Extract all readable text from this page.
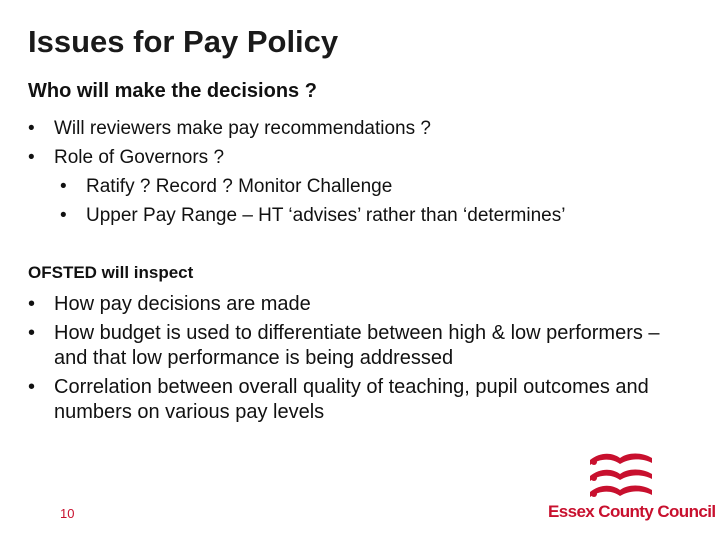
Issues for Pay Policy
Who will make the decisions ?
• Will reviewers make pay recommendations ?
• Role of Governors ?
• Ratify ? Record ? Monitor Challenge
• Upper Pay Range – HT ‘advises’ rather than ‘determines’
OFSTED will inspect
• How pay decisions are made
• How budget is used to differentiate between high & low performers – and that low performance is being addressed
• Correlation between overall quality of teaching, pupil outcomes and numbers on various pay levels
10	Essex County Council
